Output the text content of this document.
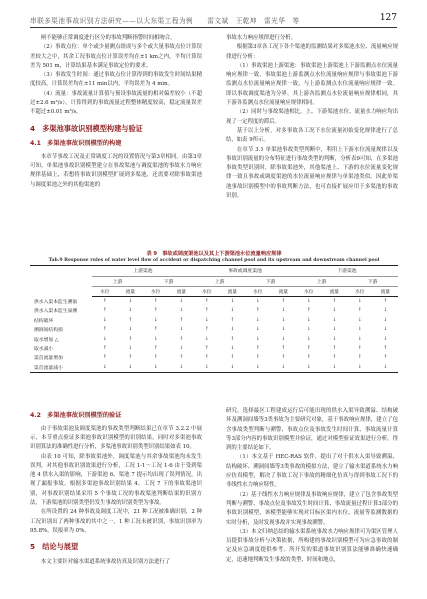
串联多渠池事故识别方法研究——以大东渠工程为例　　雷文斌　王乾坤　雷光华　等	127

闸不能够正常调度进行区分的事故判断指警时间相吻合。

（2）事故点位：单个或少量测点组成与多个或大量事故点位计算误差较大之中，其余工况事故点位计算误差均在±1 km之内，平均计算误差为 501 m，计算结果基本满足事故定位的要求。

（3）事故发生时间：通过事故点位计算得到的事故发生时间结果精度较高，计算误差均在±11 min以内，平均误差为 4 min。

（4）流量：事故流量计算值与预设事故流量的相对偏差较小（不超过±2.6 m³/s），计算得到的事故流量过程整体精度较高，稳定流量误差不超过±0.01 m³/s。

4　多渠池事故识别模型构建与验证
4.1　多渠池事故识别模型的构建

本章节事故工况及正常调度工况的设置情况与第3章相同。由第3章可知，单渠池事故识别模型建立在事故渠池与调度渠池的事故水力响应规律基础上，若想将事故识别模型扩展到多渠池，还需要对除事故渠池与调度渠池之外的其他渠池的

事故水力响应规律进行分析。

根据第3章各工况下各个渠池的监测结果对多渠池水位、流量响应规律进行分析：

（1）事故渠池上游渠池：事故渠池上游渠池上下游监测点水位流量响应规律一致，事故渠池上游监测点水位流量响应规律与事故渠池下游监测点水位流量响应规律一致，与上游监测点水位流量响应规律一致。即以事故调度渠池为分界，其上游各监测点水位流量响应规律相同，其下游各监测点水位流量响应规律相同。

（2）同时与事故渠池相比，上、下游渠池水位、流量水力响应均出现了一定程度的滞后。

基于以上分析，对多事故各工况下水位流量初始变化规律进行了总结，如表 9所示。

在章节 3.1 单渠池事故类型判断中，利用上下游水位流量规律以及事故识别流量的分布特征进行事故类型的判断，分析表9可知，在多渠池事故类型识别时，除事故渠池外，其他渠池上、下游的水位流量变化规律一致且事故或调度渠池的水位流量响应规律与单渠池类似。因此单渠池事故识别模型中的事故判断方法，也可直接扩展应用于多渠池的事故识别。

表 9　事故或调度渠池以及其上下游渠池水位流量响应规律
Tab.9 Response rules of water level flow of accident or dispatching channel pool and its upstream and downstream channel pool
	上游渠池				事故或调度渠池				下游渠池			
	上游		下游		上游		下游		上游		下游	
	水位	流量	水位	流量	水位	流量	水位	流量	水位	流量	水位	流量
供水入渠本监生溯溢	↑	↓	↑	↓	↑	↓	↓	↑	↓	↑	↓	↑
供水入渠本监生溢溯	↑	↓	↑	↓	↑	↓	↑	↓	↑	↓	↑	↓
结构破坏	↓	↑	↓	↑	↓	↑	↓	↓	↓	↓	↓	↓
溯涧间结构损	↑	↓	↑	↓	↑	↓	↓	↓	↓	↓	↓	↓
取水增加 △	↓	↑	↓	↑	↓	↑	↓	↓	↓	↓	↓	↓
取水减小	↑	↓	↑	↓	↑	↓	↑	↑	↑	↑	↑	↑
渠首流量增加	↑	↑	↑	↑	↑	↑	↑	↑	↑	↑	↑	↑
渠首流量减小	↓	↓	↓	↓	↓	↓	↓	↓	↓	↓	↓	↓
4.2　多渠池事故识别模型的验证

由于事故渠池及调度渠池的事故类型判断结果已在章节 3.2.2 中展示，本节重点验证多渠池事故识别模型的识别结果，同时对多渠池事故识别算法的准确性进行分析，多渠池事故识别类型识别结果如表 10。

由表 10 可知，除事故渠池外，调度渠池与其余事故渠池均未发生误判。对其他事故识别效果进行分析，工况 1-1～工况 1-6 由于受到渠池 4 供水入渠的影响，下游渠池 6、渠池 7 提示均出现了误判情况，出现了漏报事故。根据多渠池事故识别结果 4、工况 7 下的事故渠池识别，对事故识别结果采用 5 个事故工况的事故渠池判断结果的识别方法，下游渠池的识别类型仍发生事故的识别类型为事故。

在所设置的 24 种事故及调度工况中，21 种工况被准确识别，2 种工况识别出了两种事故的其中之一，1 种工况未被识别，事故识别率为 95.8%，误报率为 0%。

5　结论与展望

本文主要针对输水渠道系统事故仿真及识别方法进行了

研究，选择最区工程建成运行后可能出现的供水入渠导致溯溢、结构破坏及溯洞间墙等3类事故为主要研究对象，基于事故响应规律，建立了包含事故类型判断与溯警、事故点位及事故发生时间计算、事故流量计算等3部分内容的事故识别模型并验证，通过对模型验证效果进行分析，得到的主要结论如下。

（1）本文基于 HEC-RAS 软件，提出了对于供水入渠导致溯溢、结构破坏、溯洞间墙等3类事故的模拟方法，建立了输水渠道系统水力响应仿真模型，解决了事故工况下事故的精细化仿真与得到事故工况下的非线性水力响应特性。

（2）基于线性水力响应规律及事故响应规律，建立了包含事故类型判断与溯警、事故点位及事故发生时间计算、事故流量过程计算3部分的事故识别模型，该模型能够实现对目标区渠内水位、流量等监测数据的实时分析，及时发现事故并实现事故溯警。

（3）本文归纳总结的输水渠系统事故水力响应规律可为渠区管理人员提供事故分析与决策依据，所构建的事故识别模型可为应急事故的制定及应急调度提供参考。所开发的渠道事故识别算法能够准确快速确定，迅速地判断发生事故的类型、时间和地点，
